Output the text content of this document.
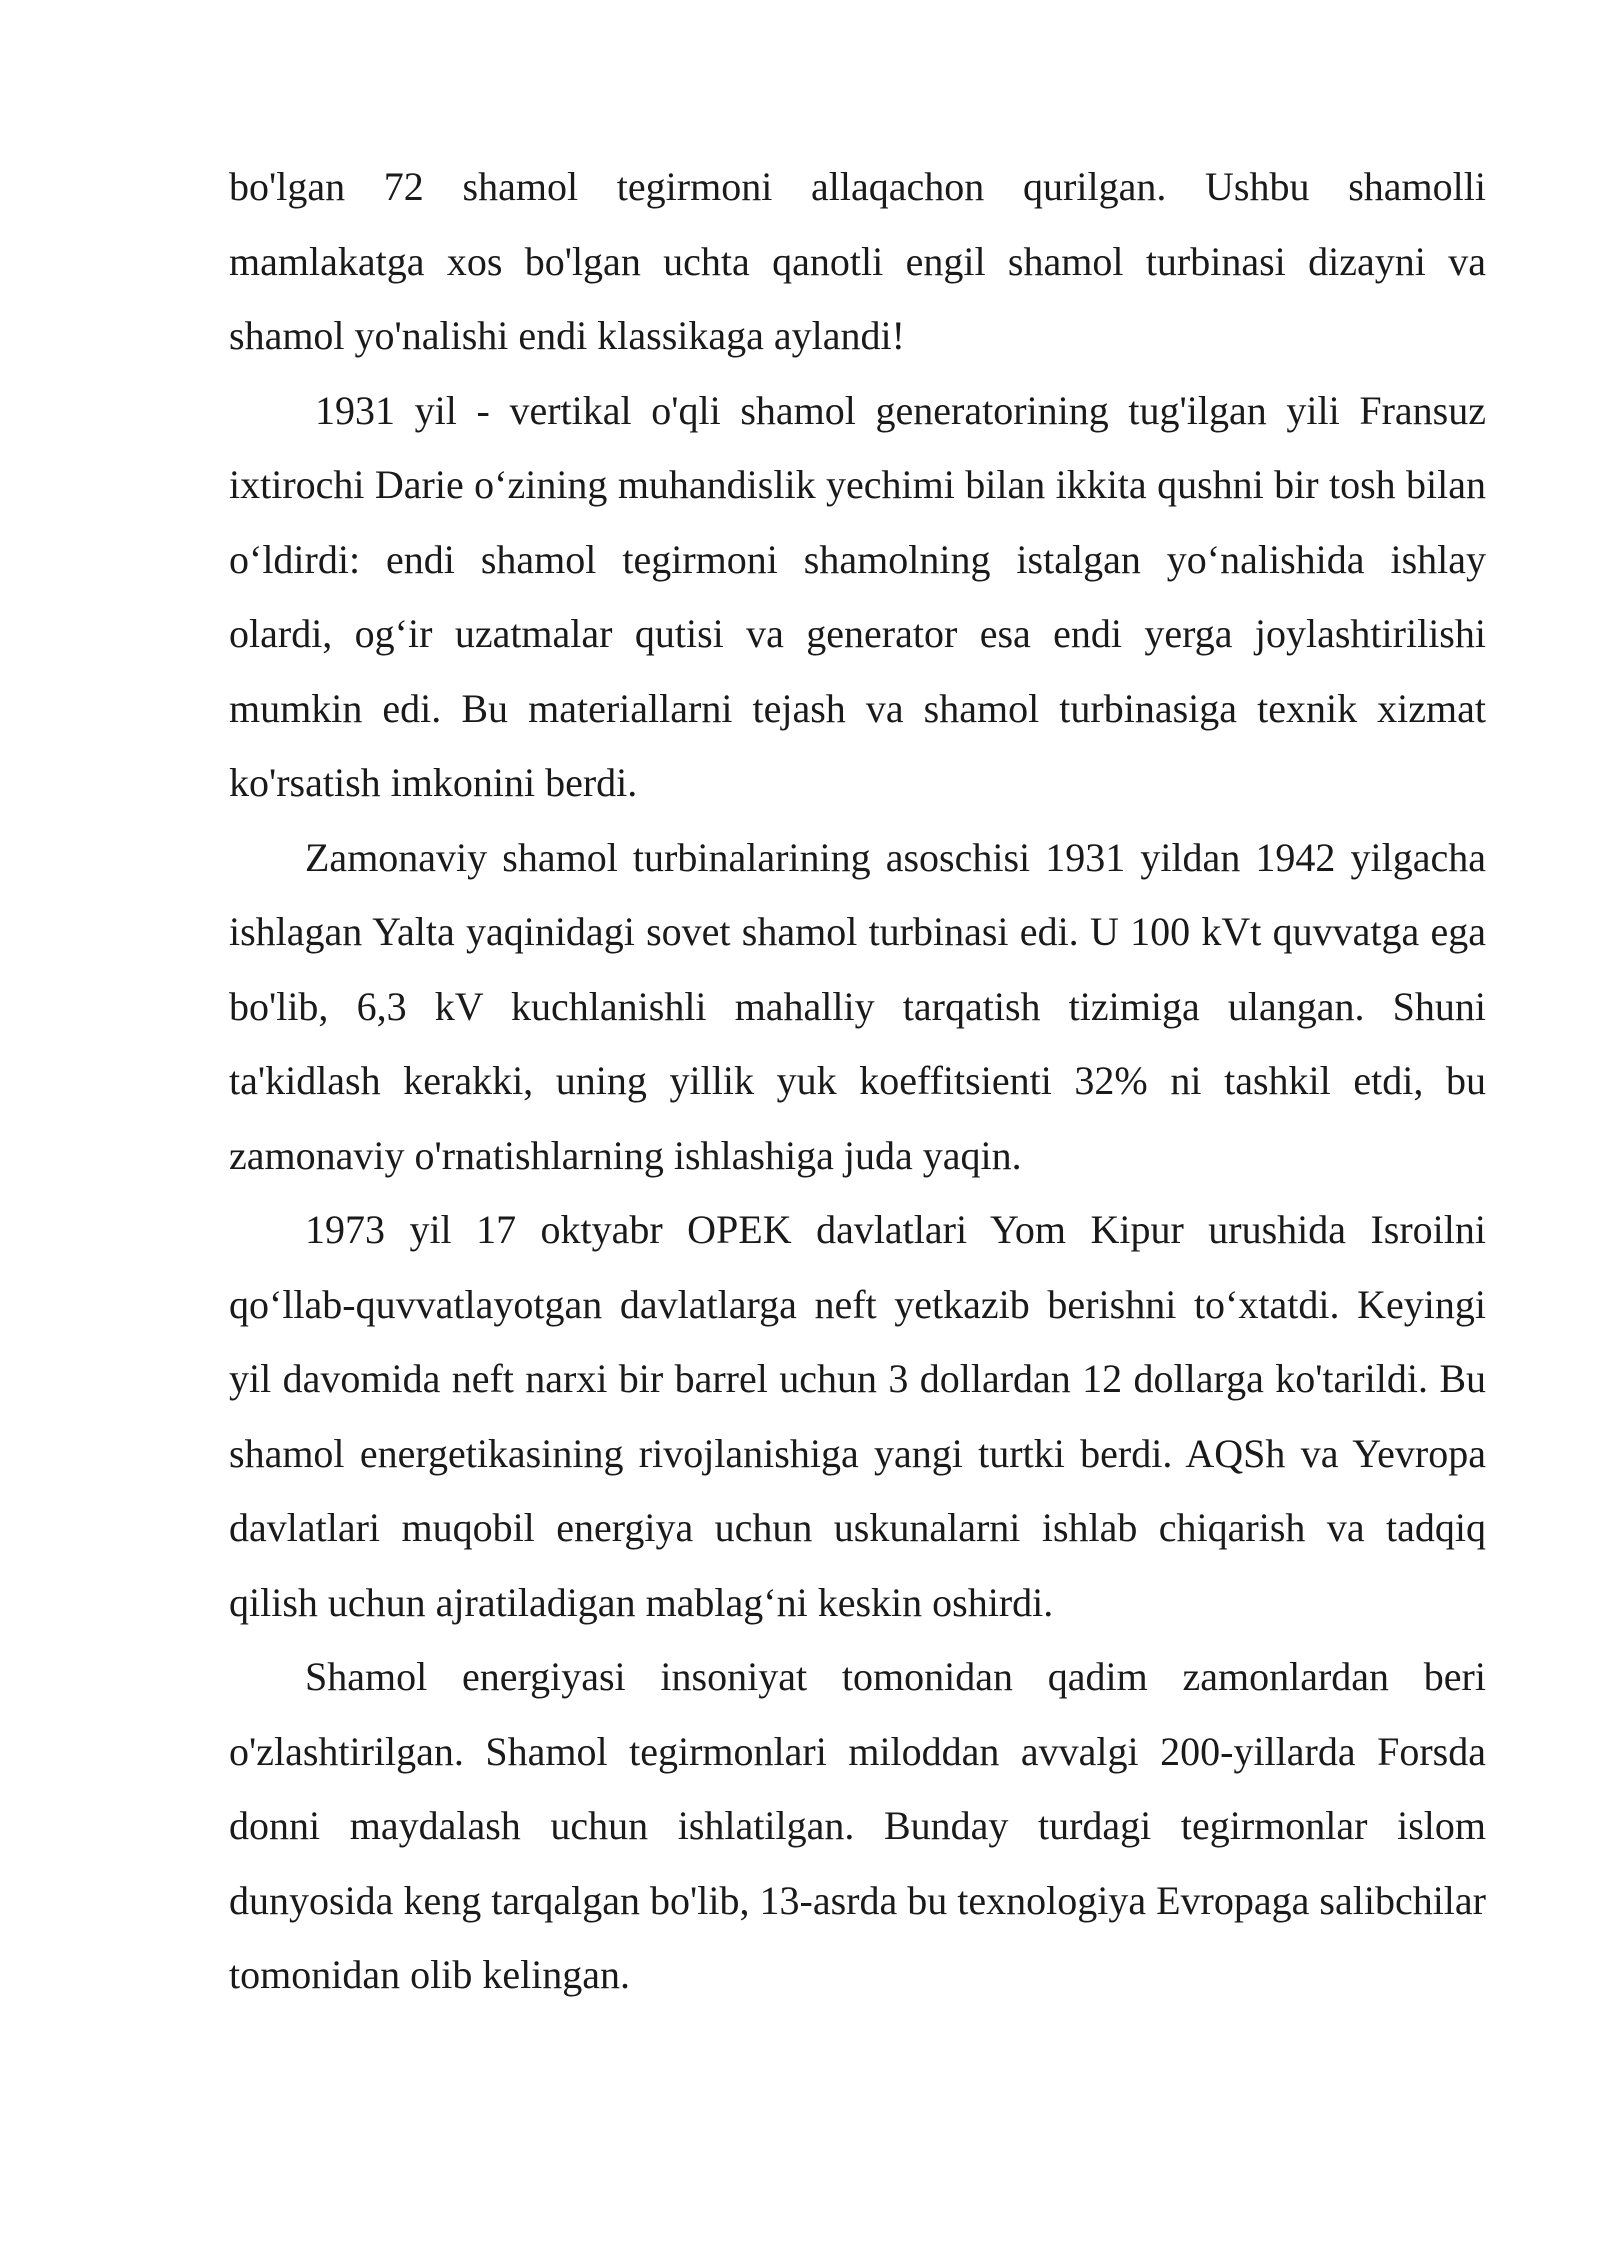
bo'lgan 72 shamol tegirmoni allaqachon qurilgan. Ushbu shamolli mamlakatga xos bo'lgan uchta qanotli engil shamol turbinasi dizayni va shamol yo'nalishi endi klassikaga aylandi!

1931 yil - vertikal o'qli shamol generatorining tug'ilgan yili Fransuz ixtirochi Darie o‘zining muhandislik yechimi bilan ikkita qushni bir tosh bilan o‘ldirdi: endi shamol tegirmoni shamolning istalgan yo‘nalishida ishlay olardi, og‘ir uzatmalar qutisi va generator esa endi yerga joylashtirilishi mumkin edi. Bu materiallarni tejash va shamol turbinasiga texnik xizmat ko'rsatish imkonini berdi.

Zamonaviy shamol turbinalarining asoschisi 1931 yildan 1942 yilgacha ishlagan Yalta yaqinidagi sovet shamol turbinasi edi. U 100 kVt quvvatga ega bo'lib, 6,3 kV kuchlanishli mahalliy tarqatish tizimiga ulangan. Shuni ta'kidlash kerakki, uning yillik yuk koeffitsienti 32% ni tashkil etdi, bu zamonaviy o'rnatishlarning ishlashiga juda yaqin.

1973 yil 17 oktyabr OPEK davlatlari Yom Kipur urushida Isroilni qo‘llab-quvvatlayotgan davlatlarga neft yetkazib berishni to‘xtatdi. Keyingi yil davomida neft narxi bir barrel uchun 3 dollardan 12 dollarga ko'tarildi. Bu shamol energetikasining rivojlanishiga yangi turtki berdi. AQSh va Yevropa davlatlari muqobil energiya uchun uskunalarni ishlab chiqarish va tadqiq qilish uchun ajratiladigan mablag‘ni keskin oshirdi.

Shamol energiyasi insoniyat tomonidan qadim zamonlardan beri o'zlashtirilgan. Shamol tegirmonlari miloddan avvalgi 200-yillarda Forsda donni maydalash uchun ishlatilgan. Bunday turdagi tegirmonlar islom dunyosida keng tarqalgan bo'lib, 13-asrda bu texnologiya Evropaga salibchilar tomonidan olib kelingan.
